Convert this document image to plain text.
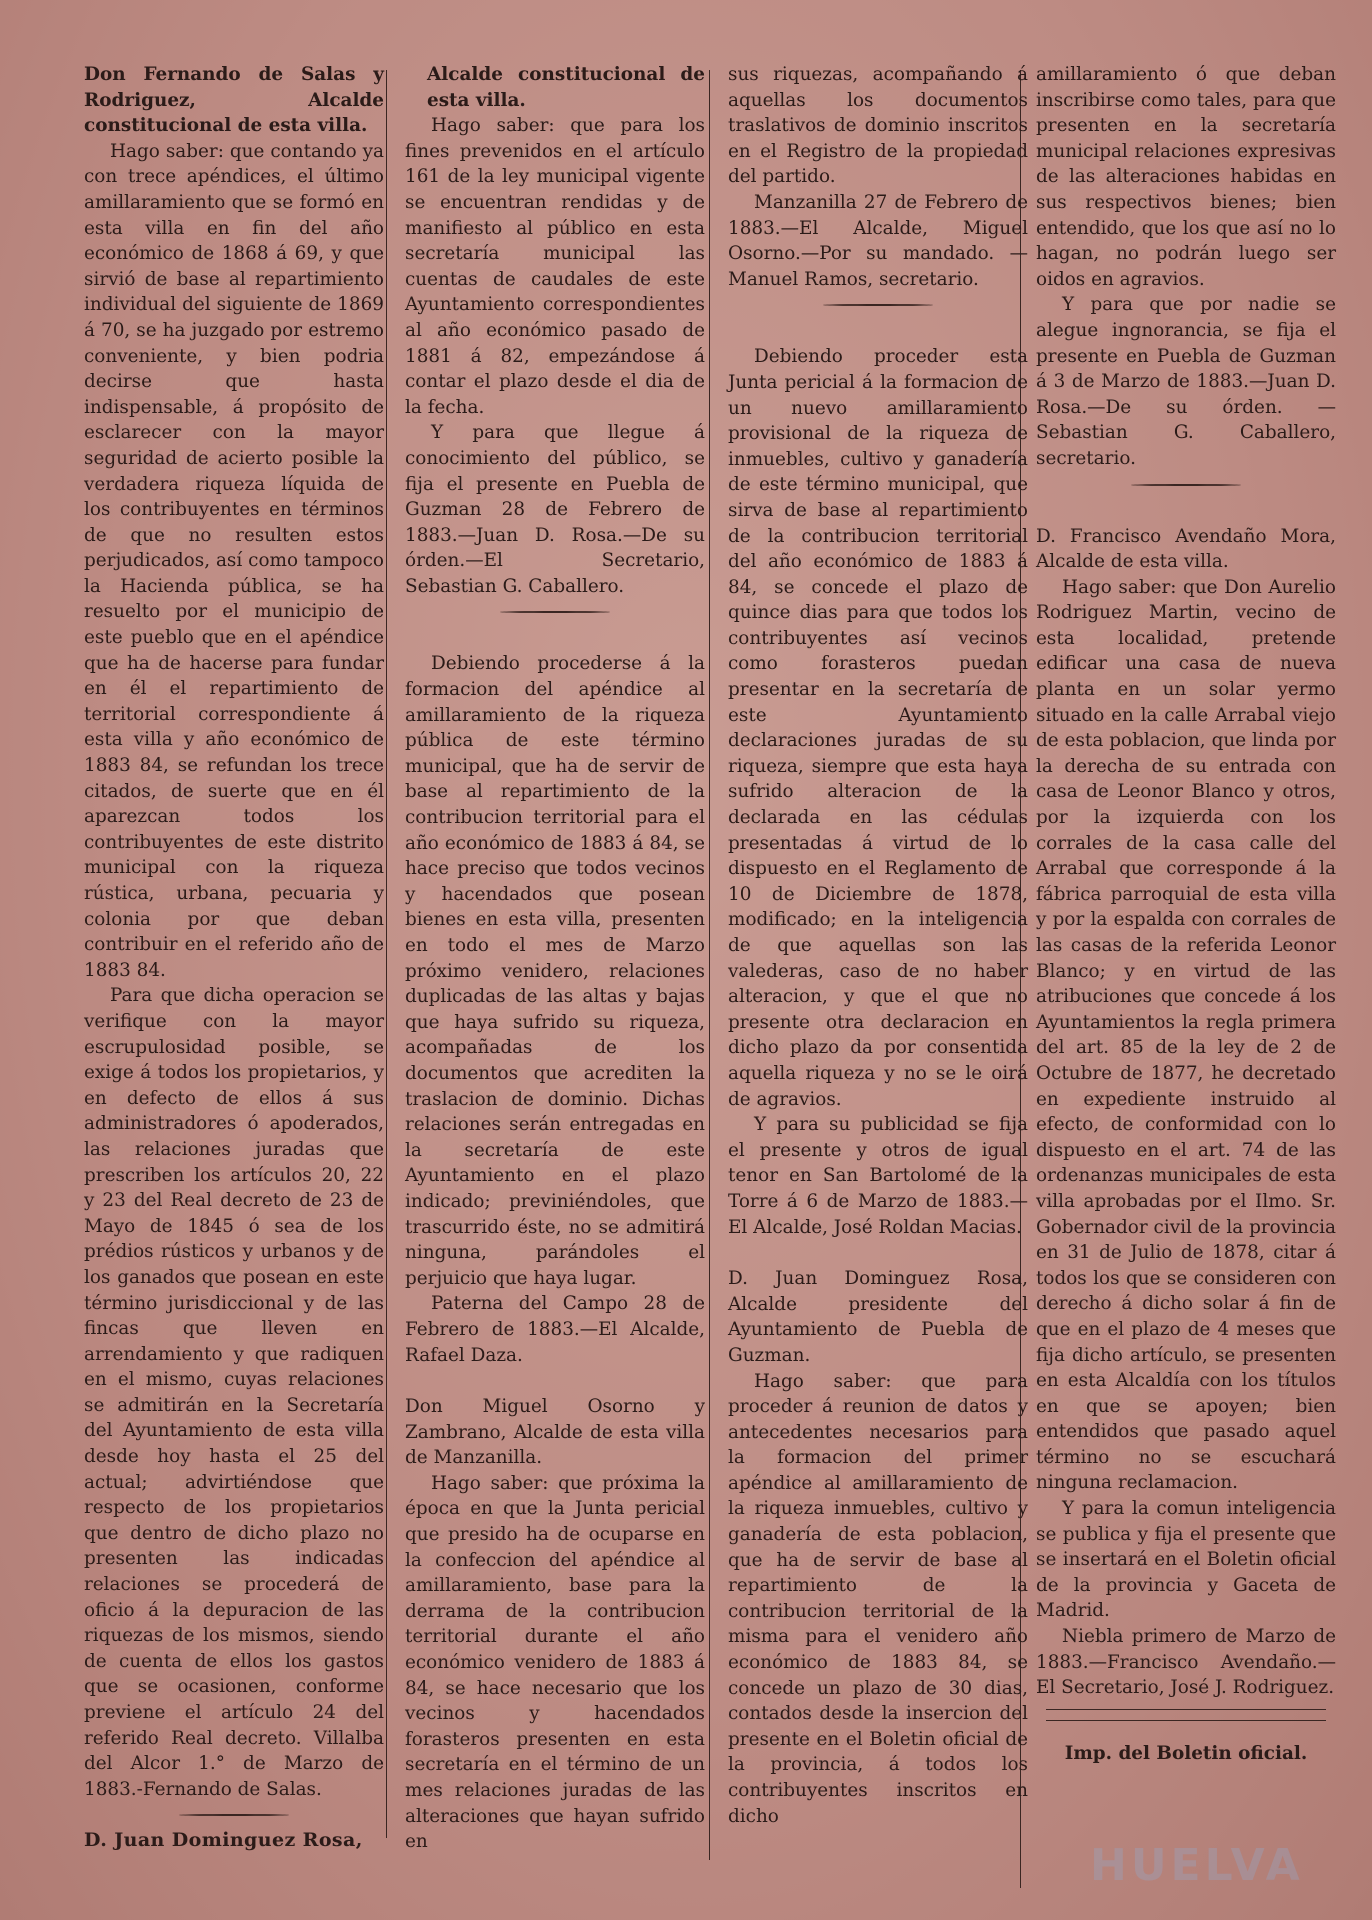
Don Fernando de Salas y Rodriguez, Alcalde constitucional de esta villa.

Hago saber: que contando ya con trece apéndices, el último amillaramiento que se formó en esta villa en fin del año económico de 1868 á 69, y que sirvió de base al repartimiento individual del siguiente de 1869 á 70, se ha juzgado por estremo conveniente, y bien podria decirse que hasta indispensable, á propósito de esclarecer con la mayor seguridad de acierto posible la verdadera riqueza líquida de los contribuyentes en términos de que no resulten estos perjudicados, así como tampoco la Hacienda pública, se ha resuelto por el municipio de este pueblo que en el apéndice que ha de hacerse para fundar en él el repartimiento de territorial correspondiente á esta villa y año económico de 1883 84, se refundan los trece citados, de suerte que en él aparezcan todos los contribuyentes de este distrito municipal con la riqueza rústica, urbana, pecuaria y colonia por que deban contribuir en el referido año de 1883 84.

Para que dicha operacion se verifique con la mayor escrupulosidad posible, se exige á todos los propietarios, y en defecto de ellos á sus administradores ó apoderados, las relaciones juradas que prescriben los artículos 20, 22 y 23 del Real decreto de 23 de Mayo de 1845 ó sea de los prédios rústicos y urbanos y de los ganados que posean en este término jurisdiccional y de las fincas que lleven en arrendamiento y que radiquen en el mismo, cuyas relaciones se admitirán en la Secretaría del Ayuntamiento de esta villa desde hoy hasta el 25 del actual; advirtiéndose que respecto de los propietarios que dentro de dicho plazo no presenten las indicadas relaciones se procederá de oficio á la depuracion de las riquezas de los mismos, siendo de cuenta de ellos los gastos que se ocasionen, conforme previene el artículo 24 del referido Real decreto. Villalba del Alcor 1.° de Marzo de 1883.-Fernando de Salas.

D. Juan Dominguez Rosa,

Alcalde constitucional de esta villa.

Hago saber: que para los fines prevenidos en el artículo 161 de la ley municipal vigente se encuentran rendidas y de manifiesto al público en esta secretaría municipal las cuentas de caudales de este Ayuntamiento correspondientes al año económico pasado de 1881 á 82, empezándose á contar el plazo desde el dia de la fecha.

Y para que llegue á conocimiento del público, se fija el presente en Puebla de Guzman 28 de Febrero de 1883.—Juan D. Rosa.—De su órden.—El Secretario, Sebastian G. Caballero.

Debiendo procederse á la formacion del apéndice al amillaramiento de la riqueza pública de este término municipal, que ha de servir de base al repartimiento de la contribucion territorial para el año económico de 1883 á 84, se hace preciso que todos vecinos y hacendados que posean bienes en esta villa, presenten en todo el mes de Marzo próximo venidero, relaciones duplicadas de las altas y bajas que haya sufrido su riqueza, acompañadas de los documentos que acrediten la traslacion de dominio. Dichas relaciones serán entregadas en la secretaría de este Ayuntamiento en el plazo indicado; previniéndoles, que trascurrido éste, no se admitirá ninguna, parándoles el perjuicio que haya lugar.

Paterna del Campo 28 de Febrero de 1883.—El Alcalde, Rafael Daza.

Don Miguel Osorno y Zambrano, Alcalde de esta villa de Manzanilla.

Hago saber: que próxima la época en que la Junta pericial que presido ha de ocuparse en la confeccion del apéndice al amillaramiento, base para la derrama de la contribucion territorial durante el año económico venidero de 1883 á 84, se hace necesario que los vecinos y hacendados forasteros presenten en esta secretaría en el término de un mes relaciones juradas de las alteraciones que hayan sufrido en

sus riquezas, acompañando á aquellas los documentos traslativos de dominio inscritos en el Registro de la propiedad del partido.

Manzanilla 27 de Febrero de 1883.—El Alcalde, Miguel Osorno.—Por su mandado. —Manuel Ramos, secretario.

Debiendo proceder esta Junta pericial á la formacion de un nuevo amillaramiento provisional de la riqueza de inmuebles, cultivo y ganadería de este término municipal, que sirva de base al repartimiento de la contribucion territorial del año económico de 1883 á 84, se concede el plazo de quince dias para que todos los contribuyentes así vecinos como forasteros puedan presentar en la secretaría de este Ayuntamiento declaraciones juradas de su riqueza, siempre que esta haya sufrido alteracion de la declarada en las cédulas presentadas á virtud de lo dispuesto en el Reglamento de 10 de Diciembre de 1878, modificado; en la inteligencia de que aquellas son las valederas, caso de no haber alteracion, y que el que no presente otra declaracion en dicho plazo da por consentida aquella riqueza y no se le oirá de agravios.

Y para su publicidad se fija el presente y otros de igual tenor en San Bartolomé de la Torre á 6 de Marzo de 1883.—El Alcalde, José Roldan Macias.

D. Juan Dominguez Rosa, Alcalde presidente del Ayuntamiento de Puebla de Guzman.

Hago saber: que para proceder á reunion de datos y antecedentes necesarios para la formacion del primer apéndice al amillaramiento de la riqueza inmuebles, cultivo y ganadería de esta poblacion, que ha de servir de base al repartimiento de la contribucion territorial de la misma para el venidero año económico de 1883 84, se concede un plazo de 30 dias, contados desde la insercion del presente en el Boletin oficial de la provincia, á todos los contribuyentes inscritos en dicho

amillaramiento ó que deban inscribirse como tales, para que presenten en la secretaría municipal relaciones expresivas de las alteraciones habidas en sus respectivos bienes; bien entendido, que los que así no lo hagan, no podrán luego ser oidos en agravios.

Y para que por nadie se alegue ingnorancia, se fija el presente en Puebla de Guzman á 3 de Marzo de 1883.—Juan D. Rosa.—De su órden. —Sebastian G. Caballero, secretario.

D. Francisco Avendaño Mora, Alcalde de esta villa.

Hago saber: que Don Aurelio Rodriguez Martin, vecino de esta localidad, pretende edificar una casa de nueva planta en un solar yermo situado en la calle Arrabal viejo de esta poblacion, que linda por la derecha de su entrada con casa de Leonor Blanco y otros, por la izquierda con los corrales de la casa calle del Arrabal que corresponde á la fábrica parroquial de esta villa y por la espalda con corrales de las casas de la referida Leonor Blanco; y en virtud de las atribuciones que concede á los Ayuntamientos la regla primera del art. 85 de la ley de 2 de Octubre de 1877, he decretado en expediente instruido al efecto, de conformidad con lo dispuesto en el art. 74 de las ordenanzas municipales de esta villa aprobadas por el Ilmo. Sr. Gobernador civil de la provincia en 31 de Julio de 1878, citar á todos los que se consideren con derecho á dicho solar á fin de que en el plazo de 4 meses que fija dicho artículo, se presenten en esta Alcaldía con los títulos en que se apoyen; bien entendidos que pasado aquel término no se escuchará ninguna reclamacion.

Y para la comun inteligencia se publica y fija el presente que se insertará en el Boletin oficial de la provincia y Gaceta de Madrid.

Niebla primero de Marzo de 1883.—Francisco Avendaño.—El Secretario, José J. Rodriguez.

Imp. del Boletin oficial.

HUELVA
